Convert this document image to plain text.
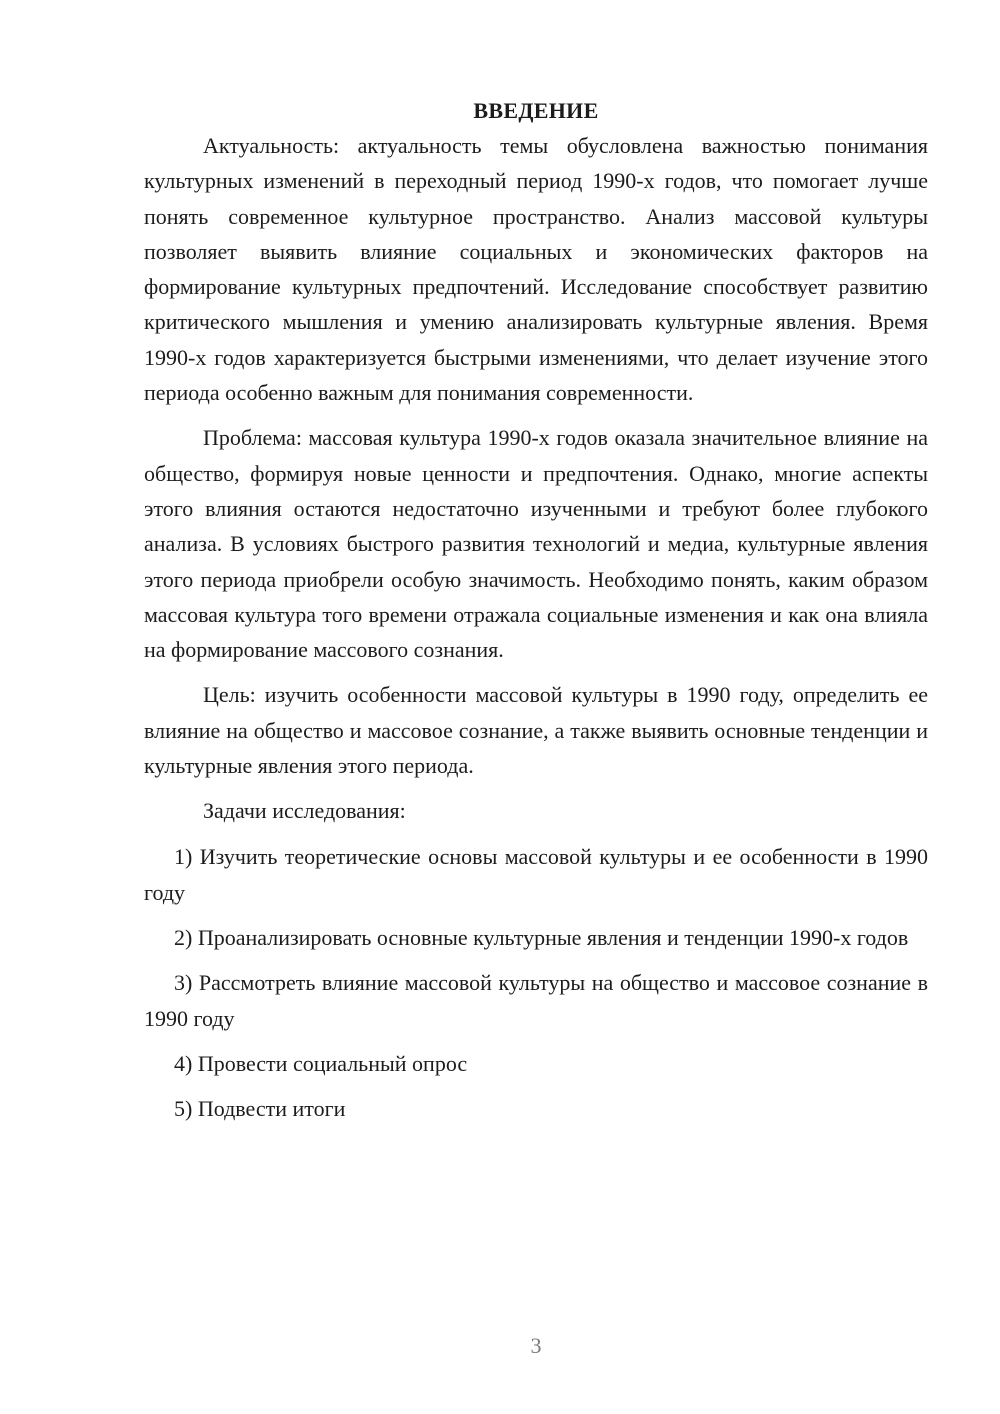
ВВЕДЕНИЕ

Актуальность: актуальность темы обусловлена важностью понимания культурных изменений в переходный период 1990-х годов, что помогает лучше понять современное культурное пространство. Анализ массовой культуры позволяет выявить влияние социальных и экономических факторов на формирование культурных предпочтений. Исследование способствует развитию критического мышления и умению анализировать культурные явления. Время 1990-х годов характеризуется быстрыми изменениями, что делает изучение этого периода особенно важным для понимания современности.

Проблема: массовая культура 1990-х годов оказала значительное влияние на общество, формируя новые ценности и предпочтения. Однако, многие аспекты этого влияния остаются недостаточно изученными и требуют более глубокого анализа. В условиях быстрого развития технологий и медиа, культурные явления этого периода приобрели особую значимость. Необходимо понять, каким образом массовая культура того времени отражала социальные изменения и как она влияла на формирование массового сознания.

Цель: изучить особенности массовой культуры в 1990 году, определить ее влияние на общество и массовое сознание, а также выявить основные тенденции и культурные явления этого периода.

Задачи исследования:

1) Изучить теоретические основы массовой культуры и ее особенности в 1990 году

2) Проанализировать основные культурные явления и тенденции 1990-х годов

3) Рассмотреть влияние массовой культуры на общество и массовое сознание в 1990 году

4) Провести социальный опрос

5) Подвести итоги

3
